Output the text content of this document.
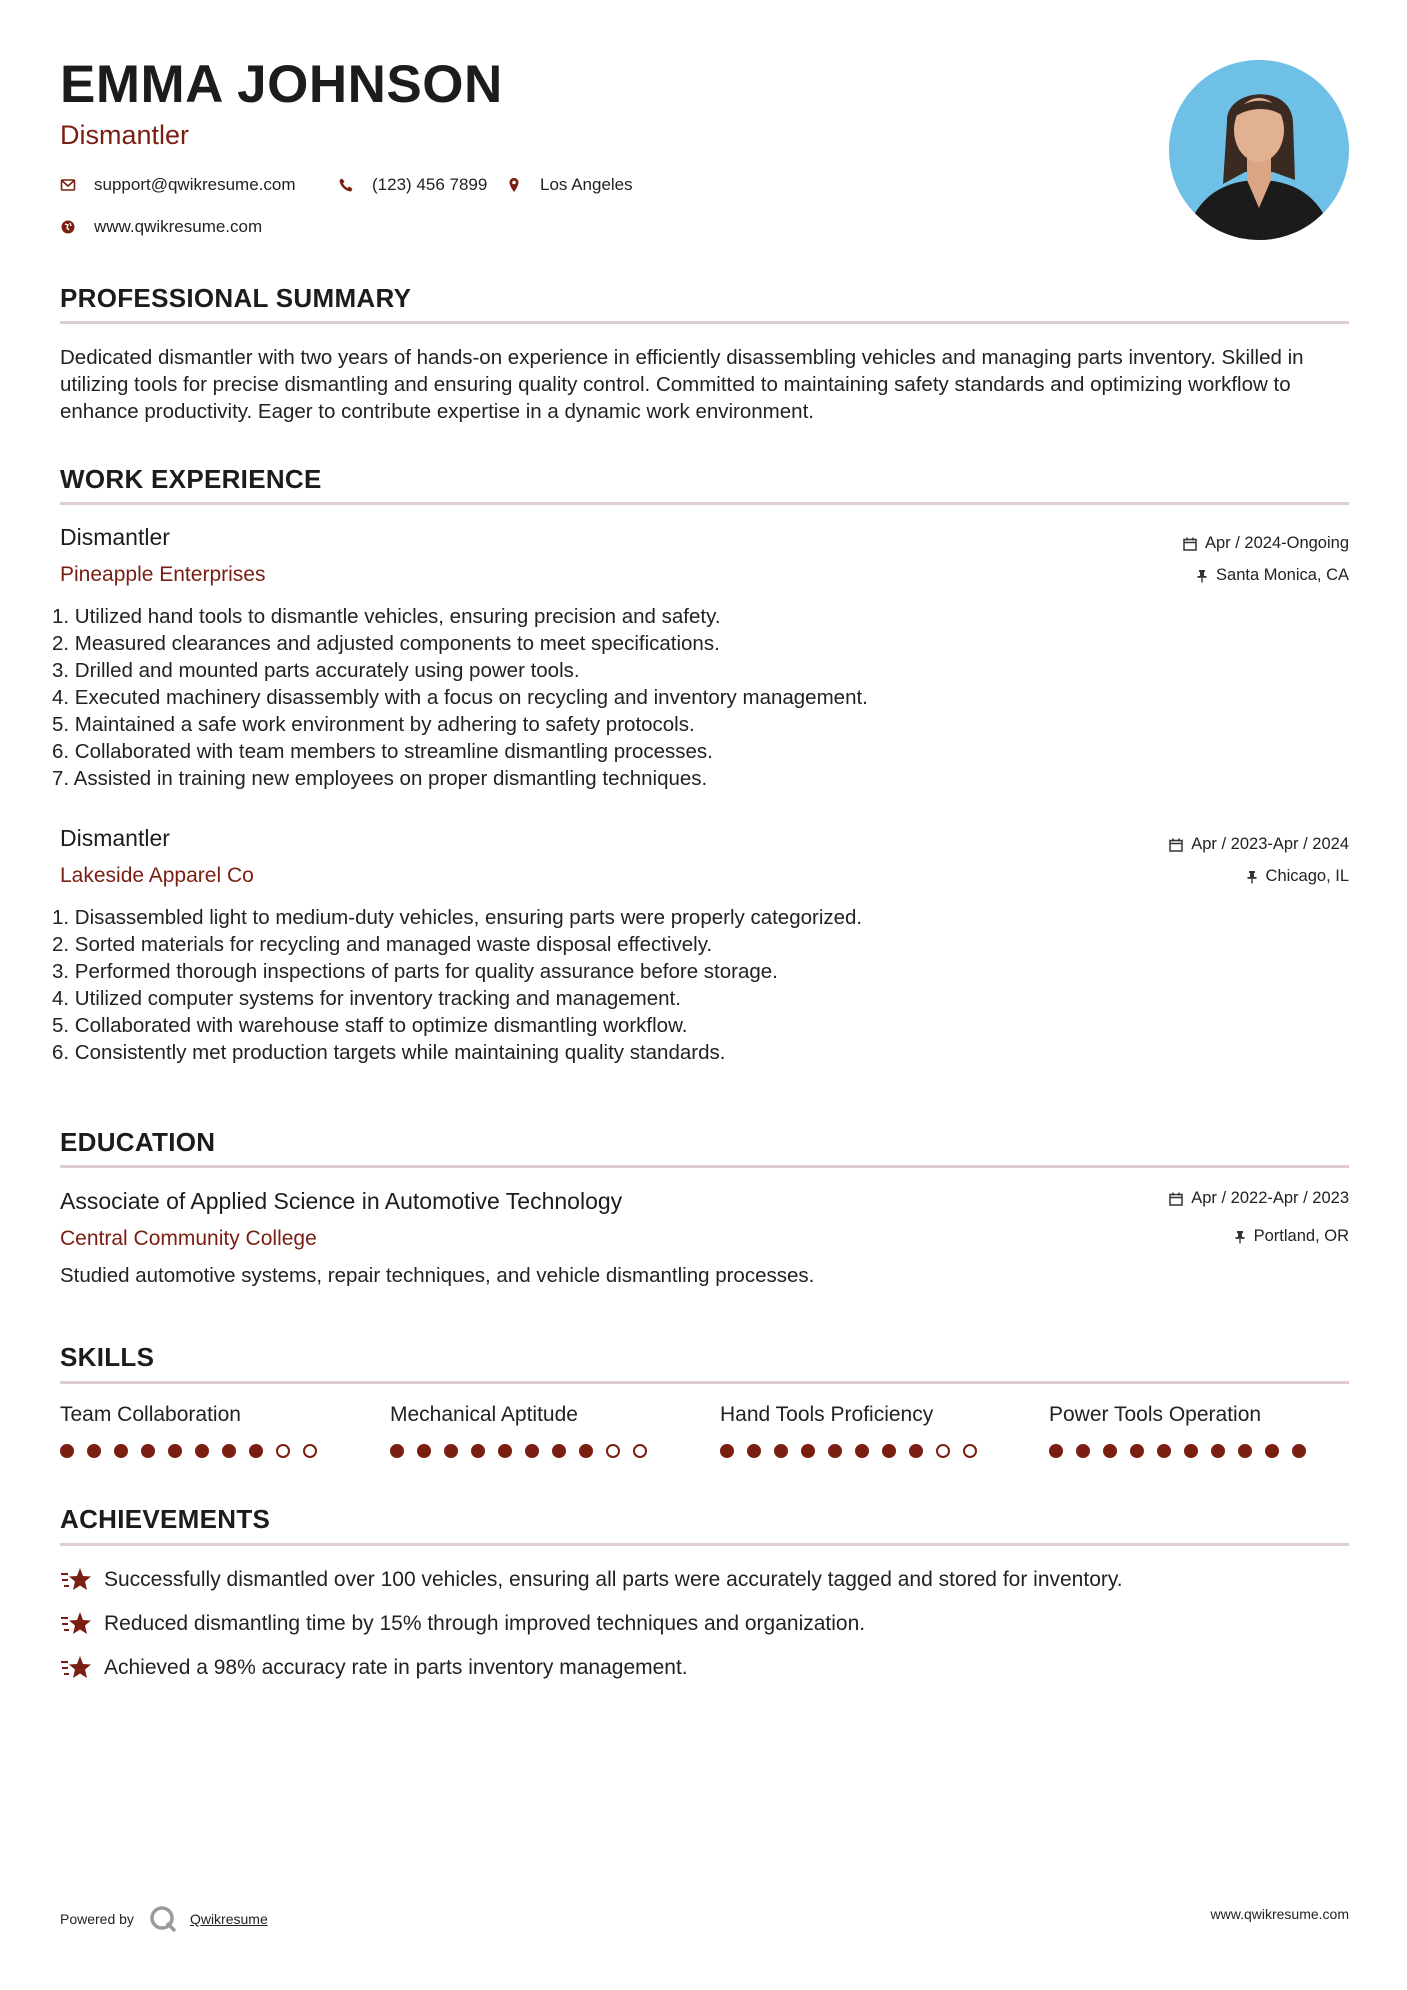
EMMA JOHNSON
Dismantler
support@qwikresume.com	(123) 456 7899	Los Angeles
www.qwikresume.com
PROFESSIONAL SUMMARY
Dedicated dismantler with two years of hands-on experience in efficiently disassembling vehicles and managing parts inventory. Skilled in utilizing tools for precise dismantling and ensuring quality control. Committed to maintaining safety standards and optimizing workflow to enhance productivity. Eager to contribute expertise in a dynamic work environment.
WORK EXPERIENCE
Dismantler
Pineapple Enterprises
Apr / 2024-Ongoing
Santa Monica, CA
1. Utilized hand tools to dismantle vehicles, ensuring precision and safety.
2. Measured clearances and adjusted components to meet specifications.
3. Drilled and mounted parts accurately using power tools.
4. Executed machinery disassembly with a focus on recycling and inventory management.
5. Maintained a safe work environment by adhering to safety protocols.
6. Collaborated with team members to streamline dismantling processes.
7. Assisted in training new employees on proper dismantling techniques.
Dismantler
Lakeside Apparel Co
Apr / 2023-Apr / 2024
Chicago, IL
1. Disassembled light to medium-duty vehicles, ensuring parts were properly categorized.
2. Sorted materials for recycling and managed waste disposal effectively.
3. Performed thorough inspections of parts for quality assurance before storage.
4. Utilized computer systems for inventory tracking and management.
5. Collaborated with warehouse staff to optimize dismantling workflow.
6. Consistently met production targets while maintaining quality standards.
EDUCATION
Associate of Applied Science in Automotive Technology
Central Community College
Apr / 2022-Apr / 2023
Portland, OR
Studied automotive systems, repair techniques, and vehicle dismantling processes.
SKILLS
Team Collaboration	Mechanical Aptitude	Hand Tools Proficiency	Power Tools Operation
ACHIEVEMENTS
Successfully dismantled over 100 vehicles, ensuring all parts were accurately tagged and stored for inventory.
Reduced dismantling time by 15% through improved techniques and organization.
Achieved a 98% accuracy rate in parts inventory management.
Powered by	Qwikresume	www.qwikresume.com
